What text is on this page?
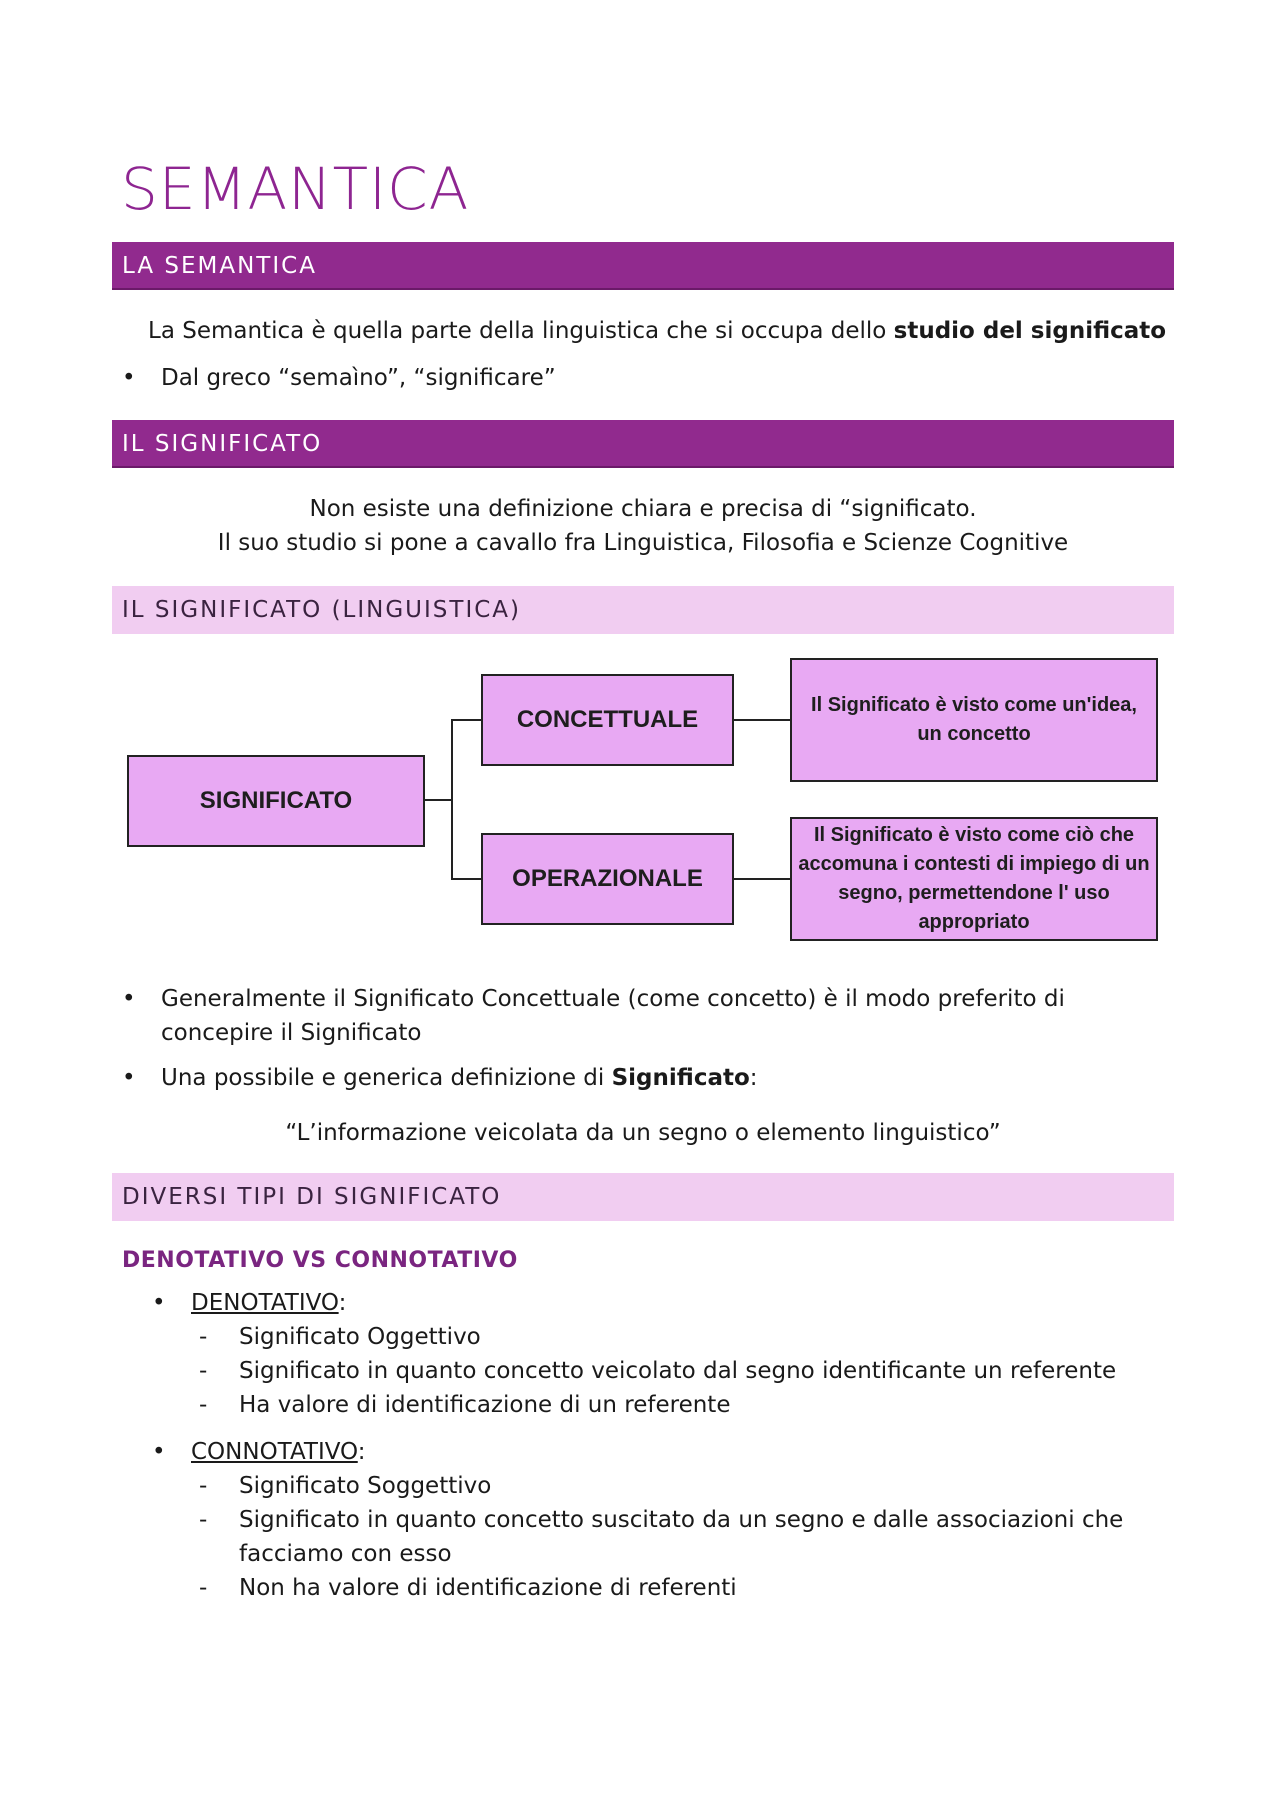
SEMANTICA
LA SEMANTICA
La Semantica è quella parte della linguistica che si occupa dello studio del significato
• Dal greco “semaìno”, “significare”
IL SIGNIFICATO
Non esiste una definizione chiara e precisa di “significato.
Il suo studio si pone a cavallo fra Linguistica, Filosofia e Scienze Cognitive
IL SIGNIFICATO (LINGUISTICA)
SIGNIFICATO
CONCETTUALE
OPERAZIONALE
Il Significato è visto come un'idea, un concetto
Il Significato è visto come ciò che accomuna i contesti di impiego di un segno, permettendone l' uso appropriato
• Generalmente il Significato Concettuale (come concetto) è il modo preferito di
concepire il Significato
• Una possibile e generica definizione di Significato:
“L’informazione veicolata da un segno o elemento linguistico”
DIVERSI TIPI DI SIGNIFICATO
DENOTATIVO VS CONNOTATIVO
• DENOTATIVO:
- Significato Oggettivo
- Significato in quanto concetto veicolato dal segno identificante un referente
- Ha valore di identificazione di un referente
• CONNOTATIVO:
- Significato Soggettivo
- Significato in quanto concetto suscitato da un segno e dalle associazioni che
facciamo con esso
- Non ha valore di identificazione di referenti
